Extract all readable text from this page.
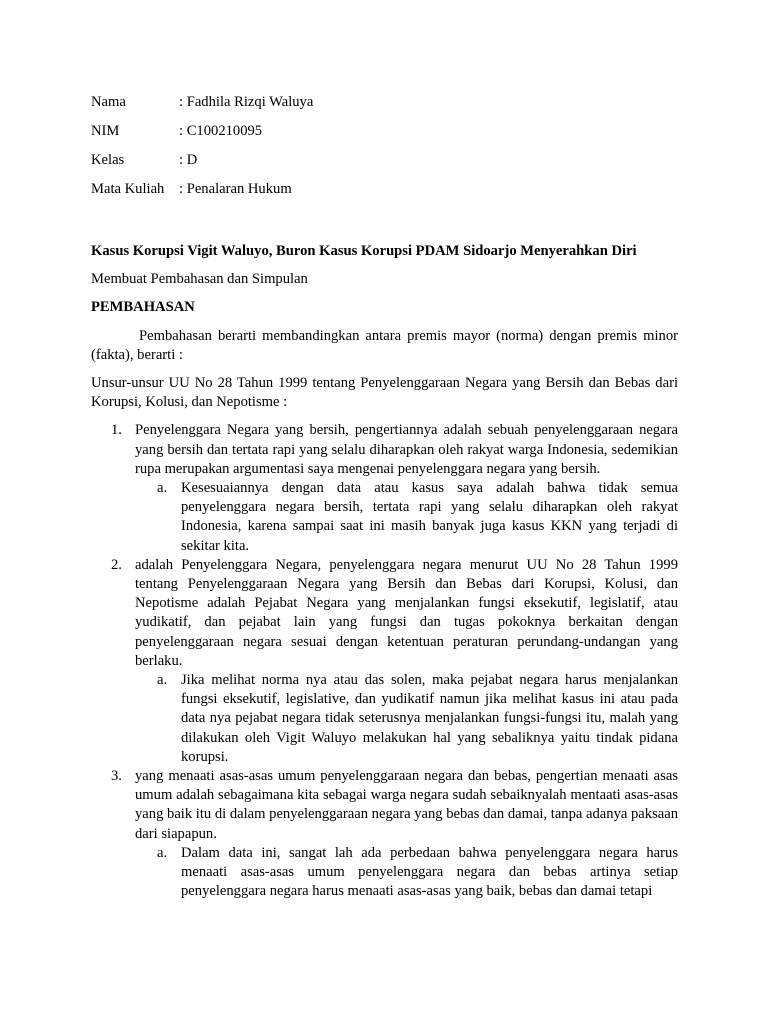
Nama	: Fadhila Rizqi Waluya
NIM	: C100210095
Kelas	: D
Mata Kuliah	: Penalaran Hukum

Kasus Korupsi Vigit Waluyo, Buron Kasus Korupsi PDAM Sidoarjo Menyerahkan Diri

Membuat Pembahasan dan Simpulan

PEMBAHASAN

Pembahasan berarti membandingkan antara premis mayor (norma) dengan premis minor (fakta), berarti :

Unsur-unsur UU No 28 Tahun 1999 tentang Penyelenggaraan Negara yang Bersih dan Bebas dari Korupsi, Kolusi, dan Nepotisme :

1. Penyelenggara Negara yang bersih, pengertiannya adalah sebuah penyelenggaraan negara yang bersih dan tertata rapi yang selalu diharapkan oleh rakyat warga Indonesia, sedemikian rupa merupakan argumentasi saya mengenai penyelenggara negara yang bersih.
a. Kesesuaiannya dengan data atau kasus saya adalah bahwa tidak semua penyelenggara negara bersih, tertata rapi yang selalu diharapkan oleh rakyat Indonesia, karena sampai saat ini masih banyak juga kasus KKN yang terjadi di sekitar kita.
2. adalah Penyelenggara Negara, penyelenggara negara menurut UU No 28 Tahun 1999 tentang Penyelenggaraan Negara yang Bersih dan Bebas dari Korupsi, Kolusi, dan Nepotisme adalah Pejabat Negara yang menjalankan fungsi eksekutif, legislatif, atau yudikatif, dan pejabat lain yang fungsi dan tugas pokoknya berkaitan dengan penyelenggaraan negara sesuai dengan ketentuan peraturan perundang-undangan yang berlaku.
a. Jika melihat norma nya atau das solen, maka pejabat negara harus menjalankan fungsi eksekutif, legislative, dan yudikatif namun jika melihat kasus ini atau pada data nya pejabat negara tidak seterusnya menjalankan fungsi-fungsi itu, malah yang dilakukan oleh Vigit Waluyo melakukan hal yang sebaliknya yaitu tindak pidana korupsi.
3. yang menaati asas-asas umum penyelenggaraan negara dan bebas, pengertian menaati asas umum adalah sebagaimana kita sebagai warga negara sudah sebaiknyalah mentaati asas-asas yang baik itu di dalam penyelenggaraan negara yang bebas dan damai, tanpa adanya paksaan dari siapapun.
a. Dalam data ini, sangat lah ada perbedaan bahwa penyelenggara negara harus menaati asas-asas umum penyelenggara negara dan bebas artinya setiap penyelenggara negara harus menaati asas-asas yang baik, bebas dan damai tetapi
